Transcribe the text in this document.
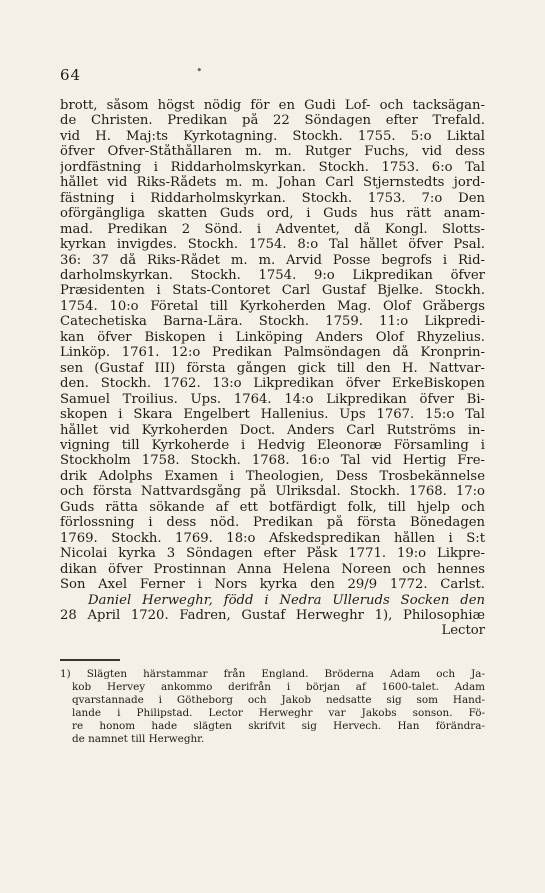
64	•
brott, såsom högst nödig för en Gudi Lof- och tacksägan-
de Christen. Predikan på 22 Söndagen efter Trefald.
vid H. Maj:ts Kyrkotagning. Stockh. 1755. 5:o Liktal
öfver Öfver-Ståthållaren m. m. Rutger Fuchs, vid dess
jordfästning i Riddarholmskyrkan. Stockh. 1753. 6:o Tal
hållet vid Riks-Rådets m. m. Johan Carl Stjernstedts jord-
fästning i Riddarholmskyrkan. Stockh. 1753. 7:o Den
oförgängliga skatten Guds ord, i Guds hus rätt anam-
mad. Predikan 2 Sönd. i Adventet, då Kongl. Slotts-
kyrkan invigdes. Stockh. 1754. 8:o Tal hållet öfver Psal.
36: 37 då Riks-Rådet m. m. Arvid Posse begrofs i Rid-
darholmskyrkan. Stockh. 1754. 9:o Likpredikan öfver
Præsidenten i Stats-Contoret Carl Gustaf Bjelke. Stockh.
1754. 10:o Företal till Kyrkoherden Mag. Olof Gråbergs
Catechetiska Barna-Lära. Stockh. 1759. 11:o Likpredi-
kan öfver Biskopen i Linköping Anders Olof Rhyzelius.
Linköp. 1761. 12:o Predikan Palmsöndagen då Kronprin-
sen (Gustaf III) första gången gick till den H. Nattvar-
den. Stockh. 1762. 13:o Likpredikan öfver ErkeBiskopen
Samuel Troilius. Ups. 1764. 14:o Likpredikan öfver Bi-
skopen i Skara Engelbert Hallenius. Ups 1767. 15:o Tal
hållet vid Kyrkoherden Doct. Anders Carl Rutströms in-
vigning till Kyrkoherde i Hedvig Eleonoræ Församling i
Stockholm 1758. Stockh. 1768. 16:o Tal vid Hertig Fre-
drik Adolphs Examen i Theologien, Dess Trosbekännelse
och första Nattvardsgång på Ulriksdal. Stockh. 1768. 17:o
Guds rätta sökande af ett botfärdigt folk, till hjelp och
förlossning i dess nöd. Predikan på första Bönedagen
1769. Stockh. 1769. 18:o Afskedspredikan hållen i S:t
Nicolai kyrka 3 Söndagen efter Påsk 1771. 19:o Likpre-
dikan öfver Prostinnan Anna Helena Noreen och hennes
Son Axel Ferner i Nors kyrka den 29/9 1772. Carlst.
Daniel Herweghr, född i Nedra Ulleruds Socken den
28 April 1720. Fadren, Gustaf Herweghr 1), Philosophiæ
Lector
1) Slägten härstammar från England. Bröderna Adam och Ja-
kob Hervey ankommo derifrån i början af 1600-talet. Adam
qvarstannade i Götheborg och Jakob nedsatte sig som Hand-
lande i Philipstad. Lector Herweghr var Jakobs sonson. Fö-
re honom hade slägten skrifvit sig Hervech. Han förändra-
de namnet till Herweghr.
